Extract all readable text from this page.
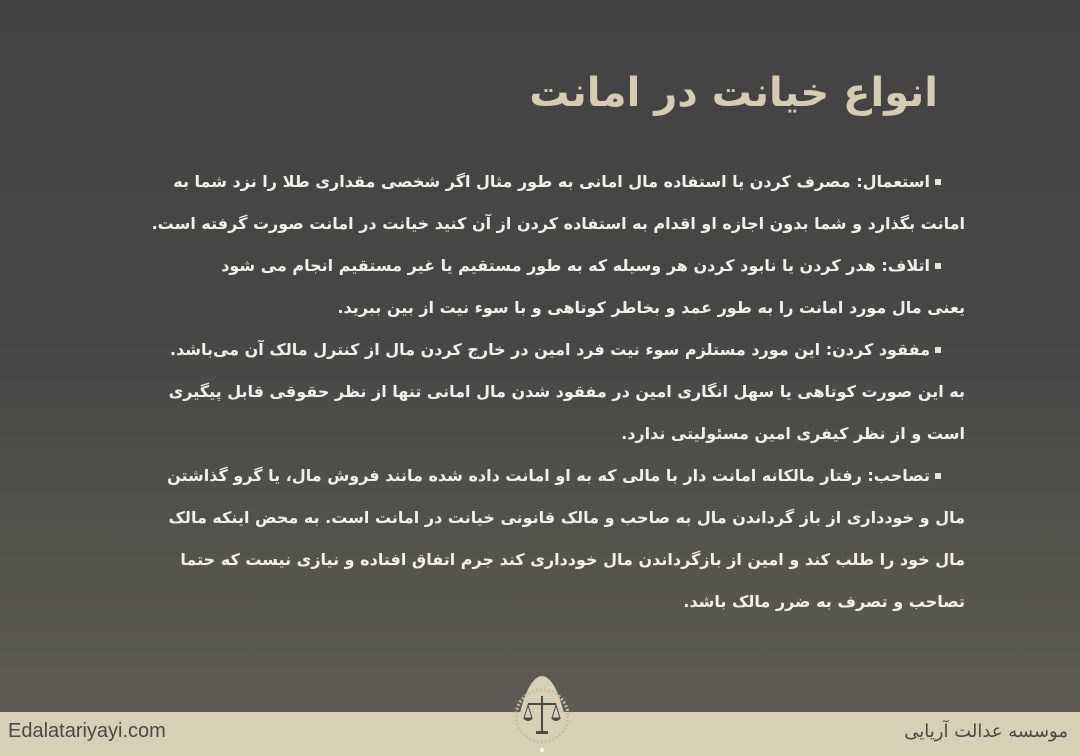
انواع خیانت در امانت
استعمال: مصرف کردن یا استفاده مال امانی به طور مثال اگر شخصی مقداری طلا را نزد شما به
امانت بگذارد و شما بدون اجازه او اقدام به استفاده کردن از آن کنید خیانت در امانت صورت گرفته است.
اتلاف: هدر کردن یا نابود کردن هر وسیله که به طور مستقیم یا غیر مستقیم انجام می شود
یعنی مال مورد امانت را به طور عمد و بخاطر کوتاهی و با سوء نیت از بین ببرید.
مفقود کردن: این مورد مستلزم سوء نیت فرد امین در خارج کردن مال از کنترل مالک آن می‌باشد.
به این صورت کوتاهی یا سهل انگاری امین در مفقود شدن مال امانی تنها از نظر حقوقی قابل پیگیری
است و از نظر کیفری امین مسئولیتی ندارد.
تصاحب: رفتار مالکانه امانت دار با مالی که به او امانت داده شده مانند فروش مال، یا گرو گذاشتن
مال و خودداری از باز گرداندن مال به صاحب و مالک قانونی خیانت در امانت است. به محض اینکه مالک
مال خود را طلب کند و امین از بازگرداندن مال خودداری کند جرم اتفاق افتاده و نیازی نیست که حتما
تصاحب و تصرف به ضرر مالک باشد.
Edalatariyayi.com	موسسه عدالت آریایی
